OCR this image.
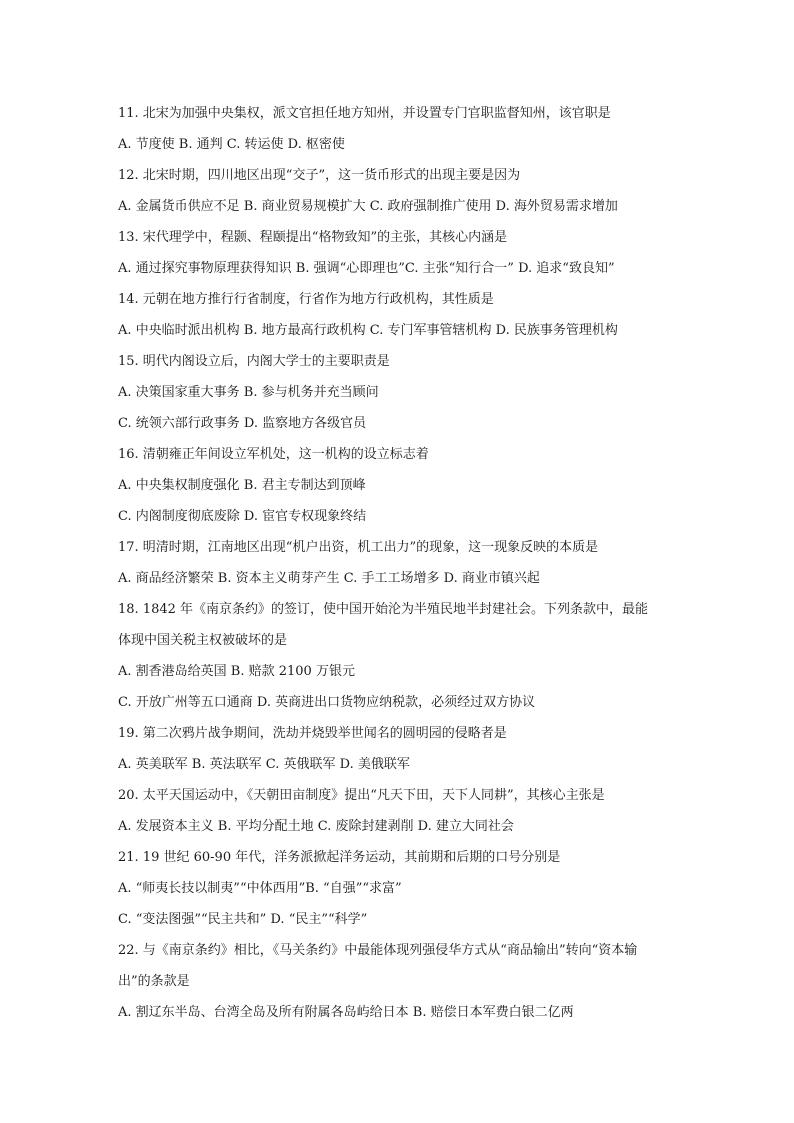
11. 北宋为加强中央集权，派文官担任地方知州，并设置专门官职监督知州，该官职是
A. 节度使 B. 通判 C. 转运使 D. 枢密使
12. 北宋时期，四川地区出现“交子”，这一货币形式的出现主要是因为
A. 金属货币供应不足 B. 商业贸易规模扩大 C. 政府强制推广使用 D. 海外贸易需求增加
13. 宋代理学中，程颢、程颐提出“格物致知”的主张，其核心内涵是
A. 通过探究事物原理获得知识 B. 强调“心即理也”C. 主张“知行合一” D. 追求“致良知”
14. 元朝在地方推行行省制度，行省作为地方行政机构，其性质是
A. 中央临时派出机构 B. 地方最高行政机构 C. 专门军事管辖机构 D. 民族事务管理机构
15. 明代内阁设立后，内阁大学士的主要职责是
A. 决策国家重大事务 B. 参与机务并充当顾问
C. 统领六部行政事务 D. 监察地方各级官员
16. 清朝雍正年间设立军机处，这一机构的设立标志着
A. 中央集权制度强化 B. 君主专制达到顶峰
C. 内阁制度彻底废除 D. 宦官专权现象终结
17. 明清时期，江南地区出现“机户出资，机工出力”的现象，这一现象反映的本质是
A. 商品经济繁荣 B. 资本主义萌芽产生 C. 手工工场增多 D. 商业市镇兴起
18. 1842 年《南京条约》的签订，使中国开始沦为半殖民地半封建社会。下列条款中，最能
体现中国关税主权被破坏的是
A. 割香港岛给英国 B. 赔款 2100 万银元
C. 开放广州等五口通商 D. 英商进出口货物应纳税款，必须经过双方协议
19. 第二次鸦片战争期间，洗劫并烧毁举世闻名的圆明园的侵略者是
A. 英美联军 B. 英法联军 C. 英俄联军 D. 美俄联军
20. 太平天国运动中，《天朝田亩制度》提出“凡天下田，天下人同耕”，其核心主张是
A. 发展资本主义 B. 平均分配土地 C. 废除封建剥削 D. 建立大同社会
21. 19 世纪 60-90 年代，洋务派掀起洋务运动，其前期和后期的口号分别是
A. “师夷长技以制夷”“中体西用”B. “自强”“求富”
C. “变法图强”“民主共和” D. “民主”“科学”
22. 与《南京条约》相比，《马关条约》中最能体现列强侵华方式从“商品输出”转向“资本输
出”的条款是
A. 割辽东半岛、台湾全岛及所有附属各岛屿给日本 B. 赔偿日本军费白银二亿两
